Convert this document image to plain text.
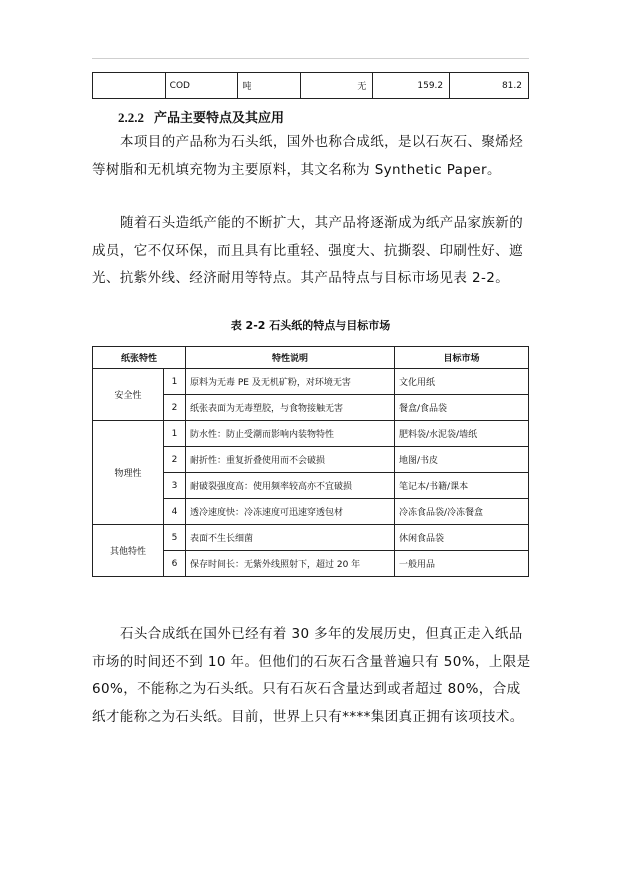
	COD	吨	无	159.2	81.2
2.2.2 产品主要特点及其应用
本项目的产品称为石头纸，国外也称合成纸，是以石灰石、聚烯烃等树脂和无机填充物为主要原料，其文名称为 Synthetic Paper。
随着石头造纸产能的不断扩大，其产品将逐渐成为纸产品家族新的成员，它不仅环保，而且具有比重轻、强度大、抗撕裂、印刷性好、遮光、抗紫外线、经济耐用等特点。其产品特点与目标市场见表 2-2。
表 2-2 石头纸的特点与目标市场
纸张特性		特性说明	目标市场
安全性	1	原料为无毒 PE 及无机矿粉，对环境无害	文化用纸
	2	纸张表面为无毒塑胶，与食物接触无害	餐盒/食品袋
物理性	1	防水性：防止受潮而影响内装物特性	肥料袋/水泥袋/墙纸
	2	耐折性：重复折叠使用而不会破损	地图/书皮
	3	耐破裂强度高：使用频率较高亦不宜破损	笔记本/书籍/课本
	4	透冷速度快：冷冻速度可迅速穿透包材	冷冻食品袋/冷冻餐盒
其他特性	5	表面不生长细菌	休闲食品袋
	6	保存时间长：无紫外线照射下，超过 20 年	一般用品
石头合成纸在国外已经有着 30 多年的发展历史，但真正走入纸品市场的时间还不到 10 年。但他们的石灰石含量普遍只有 50%，上限是 60%，不能称之为石头纸。只有石灰石含量达到或者超过 80%，合成纸才能称之为石头纸。目前，世界上只有****集团真正拥有该项技术。
